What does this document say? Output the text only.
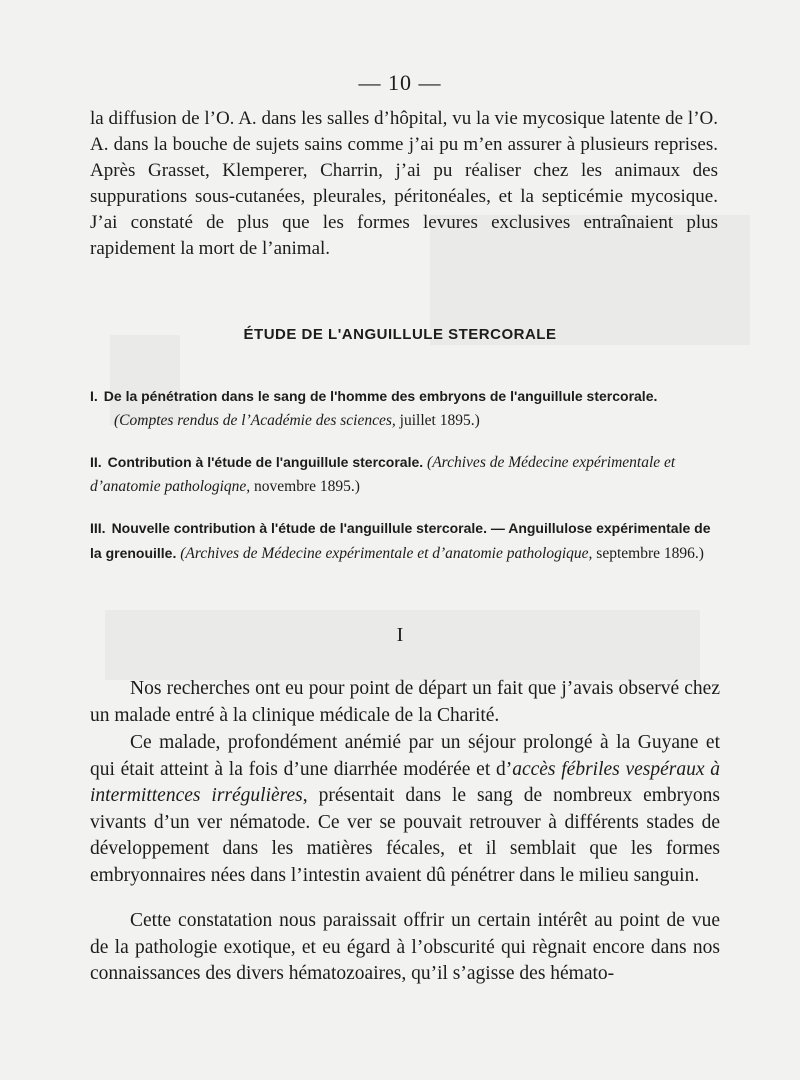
— 10 —

la diffusion de l’O. A. dans les salles d’hôpital, vu la vie mycosique latente de l’O. A. dans la bouche de sujets sains comme j’ai pu m’en assurer à plusieurs reprises. Après Grasset, Klemperer, Charrin, j’ai pu réaliser chez les animaux des suppurations sous-cutanées, pleurales, péritonéales, et la septicémie mycosique. J’ai constaté de plus que les formes levures exclusives entraînaient plus rapidement la mort de l’animal.

ÉTUDE DE L'ANGUILLULE STERCORALE

I. De la pénétration dans le sang de l'homme des embryons de l'anguillule stercorale.
(Comptes rendus de l’Académie des sciences, juillet 1895.)

II. Contribution à l'étude de l'anguillule stercorale. (Archives de Médecine expérimentale et d’anatomie pathologiqne, novembre 1895.)

III. Nouvelle contribution à l'étude de l'anguillule stercorale. — Anguillulose expérimentale de la grenouille. (Archives de Médecine expérimentale et d’anatomie pathologique, septembre 1896.)

I

Nos recherches ont eu pour point de départ un fait que j’avais observé chez un malade entré à la clinique médicale de la Charité.

Ce malade, profondément anémié par un séjour prolongé à la Guyane et qui était atteint à la fois d’une diarrhée modérée et d’accès fébriles vespéraux à intermittences irrégulières, présentait dans le sang de nombreux embryons vivants d’un ver nématode. Ce ver se pouvait retrouver à différents stades de développement dans les matières fécales, et il semblait que les formes embryonnaires nées dans l’intestin avaient dû pénétrer dans le milieu sanguin.

Cette constatation nous paraissait offrir un certain intérêt au point de vue de la pathologie exotique, et eu égard à l’obscurité qui règnait encore dans nos connaissances des divers hématozoaires, qu’il s’agisse des hémato-
